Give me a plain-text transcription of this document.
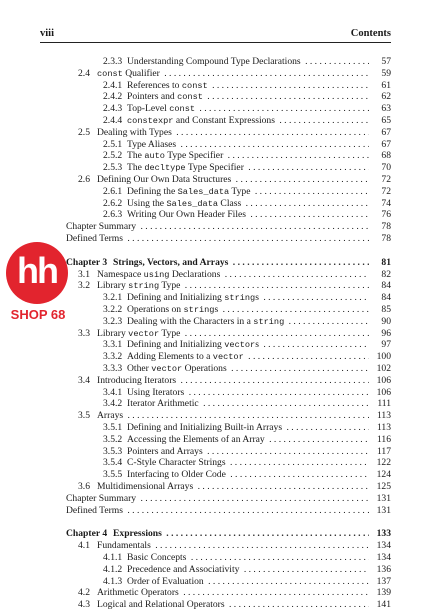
viii	Contents
2.3.3 Understanding Compound Type Declarations . . .	57
2.4 const Qualifier . . .	59
2.4.1 References to const . . .	61
2.4.2 Pointers and const . . .	62
2.4.3 Top-Level const . . .	63
2.4.4 constexpr and Constant Expressions . . .	65
2.5 Dealing with Types . . .	67
2.5.1 Type Aliases . . .	67
2.5.2 The auto Type Specifier . . .	68
2.5.3 The decltype Type Specifier . . .	70
2.6 Defining Our Own Data Structures . . .	72
2.6.1 Defining the Sales_data Type . . .	72
2.6.2 Using the Sales_data Class . . .	74
2.6.3 Writing Our Own Header Files . . .	76
Chapter Summary . . .	78
Defined Terms . . .	78
Chapter 3 Strings, Vectors, and Arrays . . .	81
3.1 Namespace using Declarations . . .	82
3.2 Library string Type . . .	84
3.2.1 Defining and Initializing strings . . .	84
3.2.2 Operations on strings . . .	85
3.2.3 Dealing with the Characters in a string . . .	90
3.3 Library vector Type . . .	96
3.3.1 Defining and Initializing vectors . . .	97
3.3.2 Adding Elements to a vector . . .	100
3.3.3 Other vector Operations . . .	102
3.4 Introducing Iterators . . .	106
3.4.1 Using Iterators . . .	106
3.4.2 Iterator Arithmetic . . .	111
3.5 Arrays . . .	113
3.5.1 Defining and Initializing Built-in Arrays . . .	113
3.5.2 Accessing the Elements of an Array . . .	116
3.5.3 Pointers and Arrays . . .	117
3.5.4 C-Style Character Strings . . .	122
3.5.5 Interfacing to Older Code . . .	124
3.6 Multidimensional Arrays . . .	125
Chapter Summary . . .	131
Defined Terms . . .	131
Chapter 4 Expressions . . .	133
4.1 Fundamentals . . .	134
4.1.1 Basic Concepts . . .	134
4.1.2 Precedence and Associativity . . .	136
4.1.3 Order of Evaluation . . .	137
4.2 Arithmetic Operators . . .	139
4.3 Logical and Relational Operators . . .	141
hh
SHOP 68
